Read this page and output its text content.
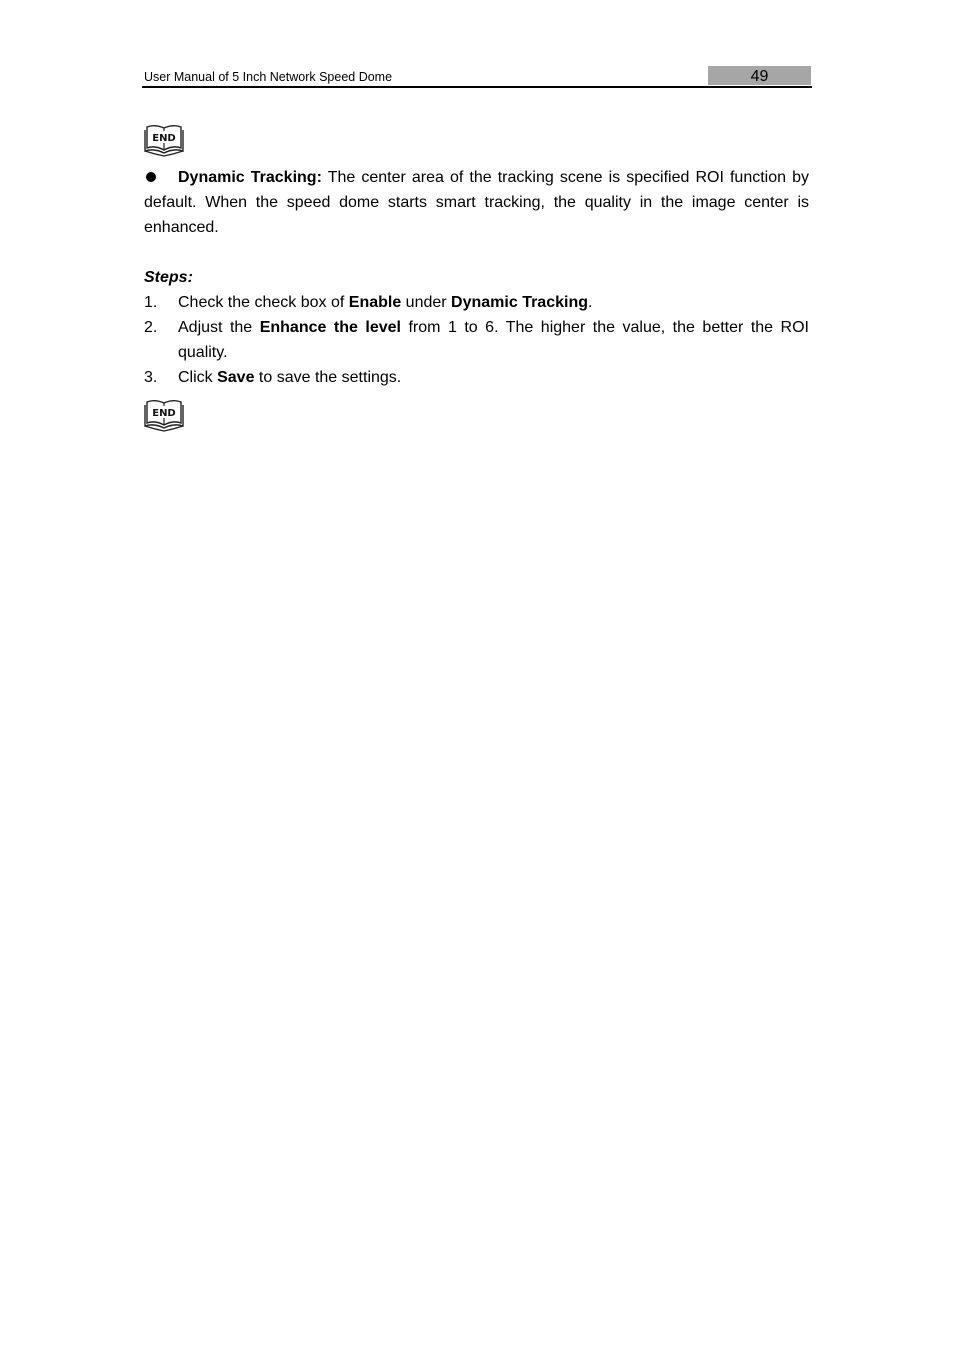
User Manual of 5 Inch Network Speed Dome	49
END
Dynamic Tracking: The center area of the tracking scene is specified ROI function by default. When the speed dome starts smart tracking, the quality in the image center is enhanced.
Steps:
1. Check the check box of Enable under Dynamic Tracking.
2. Adjust the Enhance the level from 1 to 6. The higher the value, the better the ROI quality.
3. Click Save to save the settings.
END
